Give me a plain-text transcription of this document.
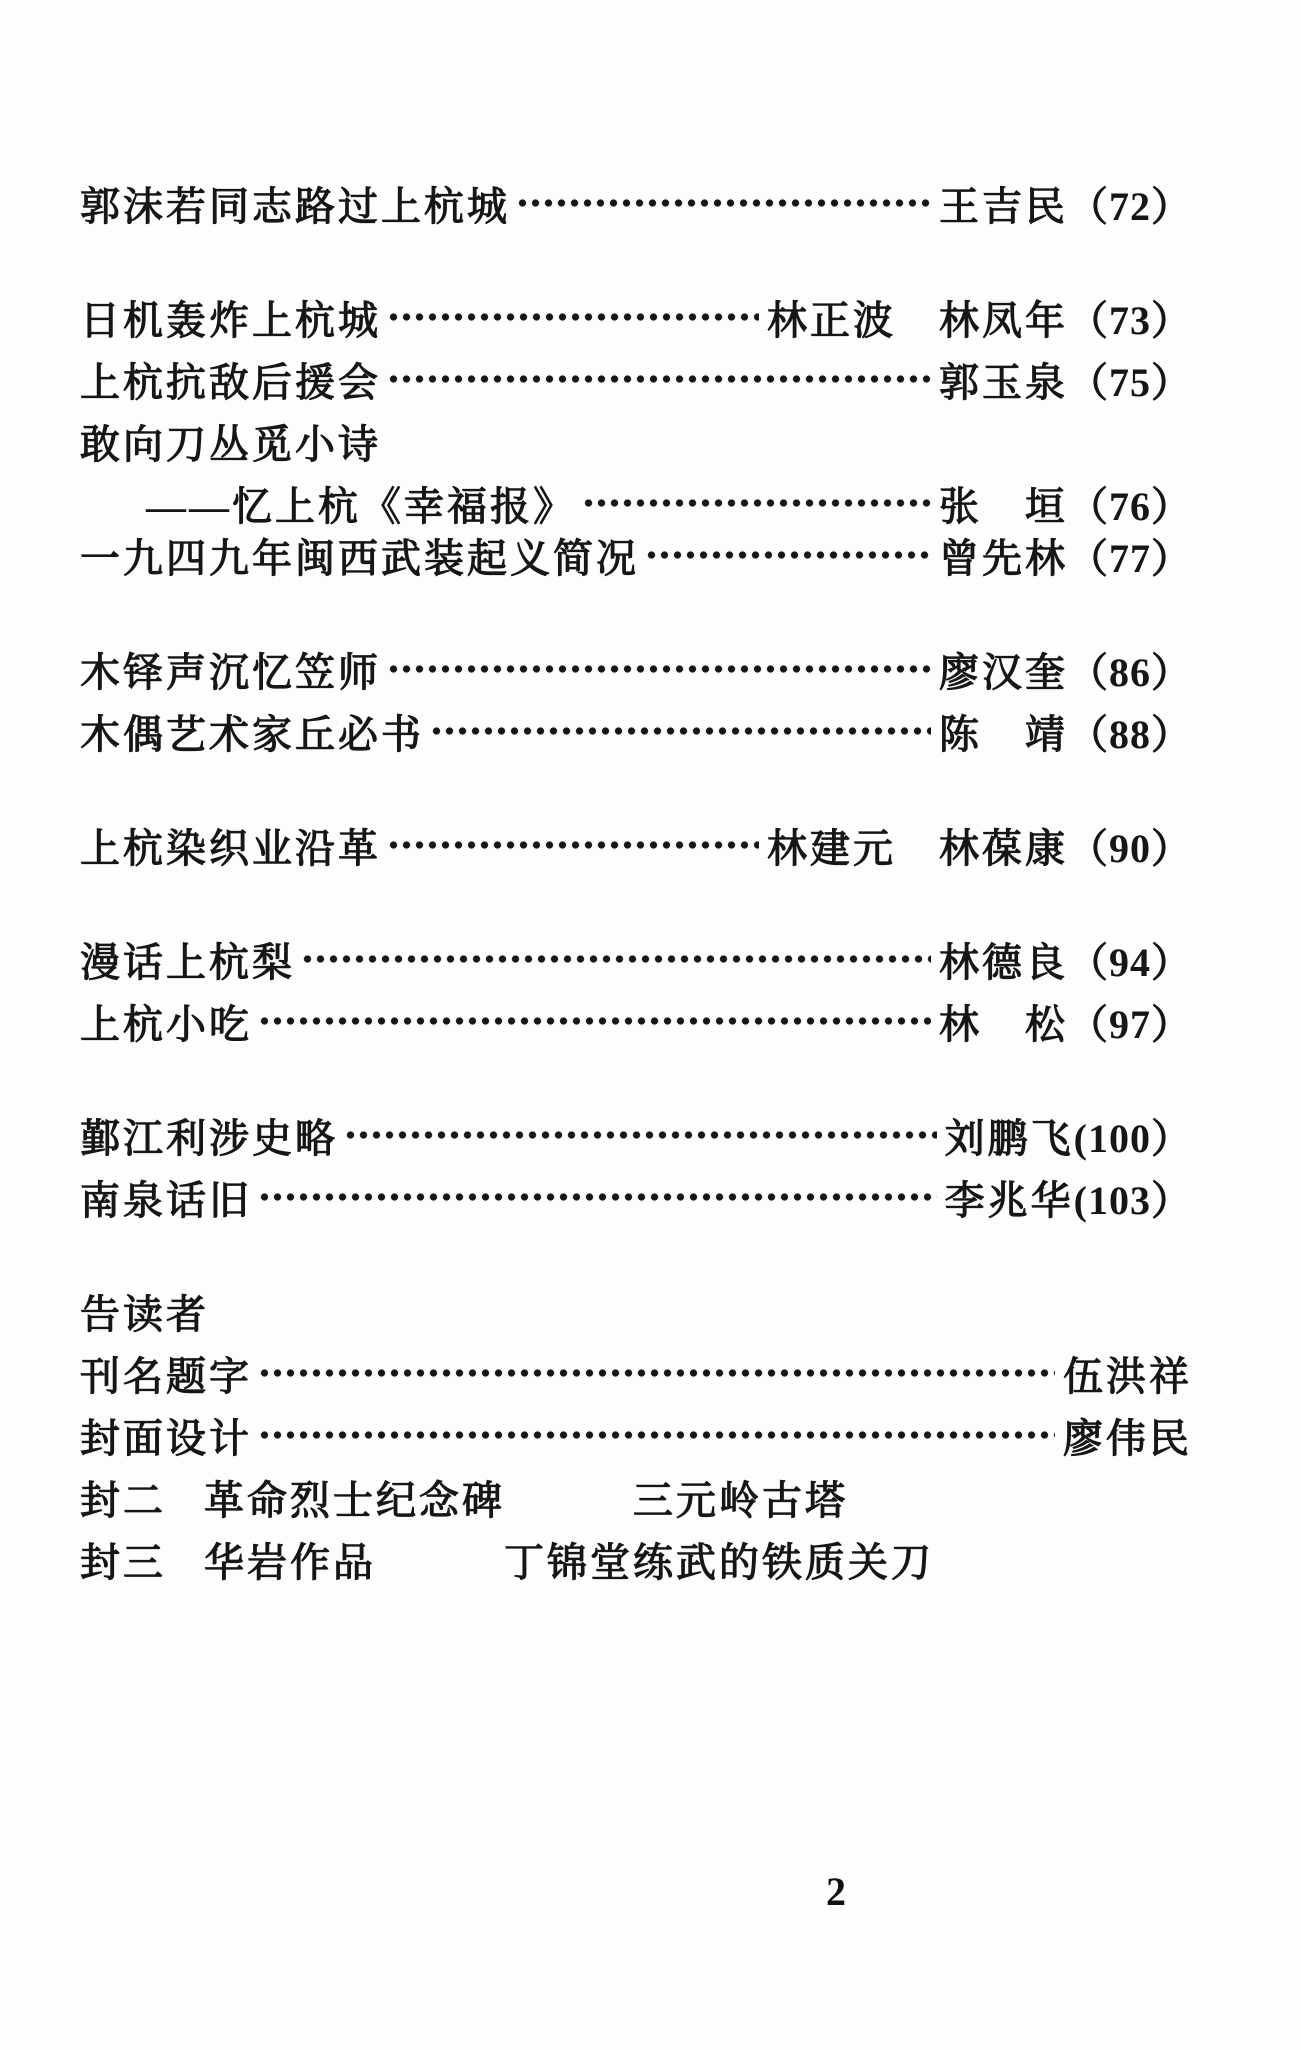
郭沫若同志路过上杭城	王吉民 （72）
日机轰炸上杭城	林正波　林凤年 （73）
上杭抗敌后援会	郭玉泉 （75）
敢向刀丛觅小诗
——忆上杭《幸福报》	张　垣 （76）
一九四九年闽西武装起义简况	曾先林 （77）
木铎声沉忆笠师	廖汉奎 （86）
木偶艺术家丘必书	陈　靖 （88）
上杭染织业沿革	林建元　林葆康 （90）
漫话上杭梨	林德良 （94）
上杭小吃	林　松 （97）
鄞江利涉史略	刘鹏飞 (100）
南泉话旧	李兆华 (103）
告读者
刊名题字	伍洪祥
封面设计	廖伟民
封二 革命烈士纪念碑	三元岭古塔
封三 华岩作品	丁锦堂练武的铁质关刀
2
